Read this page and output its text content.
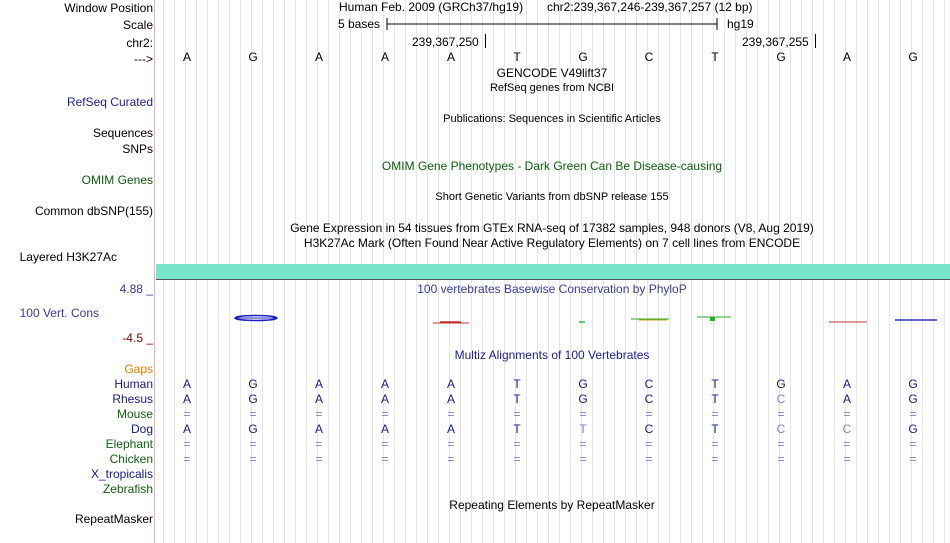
Window Position
Scale
chr2:
--->
RefSeq Curated
Sequences
SNPs
OMIM Genes
Common dbSNP(155)
Layered H3K27Ac
4.88 _
100 Vert. Cons
-4.5 _
Gaps
Human
Rhesus
Mouse
Dog
Elephant
Chicken
X_tropicalis
Zebrafish
RepeatMasker
Human Feb. 2009 (GRCh37/hg19) chr2:239,367,246-239,367,257 (12 bp)
5 bases	hg19
239,367,250	239,367,255
A	G	A	A	A	T	G	C	T	G	A	G
GENCODE V49lift37
RefSeq genes from NCBI
Publications: Sequences in Scientific Articles
OMIM Gene Phenotypes - Dark Green Can Be Disease-causing
Short Genetic Variants from dbSNP release 155
Gene Expression in 54 tissues from GTEx RNA-seq of 17382 samples, 948 donors (V8, Aug 2019)
H3K27Ac Mark (Often Found Near Active Regulatory Elements) on 7 cell lines from ENCODE
100 vertebrates Basewise Conservation by PhyloP
Multiz Alignments of 100 Vertebrates
A	G	A	A	A	T	G	C	T	G	A	G
A	G	A	A	A	T	G	C	T	C	A	G
=	=	=	=	=	=	=	=	=	=	=	=
A	G	A	A	A	T	T	C	T	C	C	G
=	=	=	=	=	=	=	=	=	=	=	=
=	=	=	=	=	=	=	=	=	=	=	=
Repeating Elements by RepeatMasker
